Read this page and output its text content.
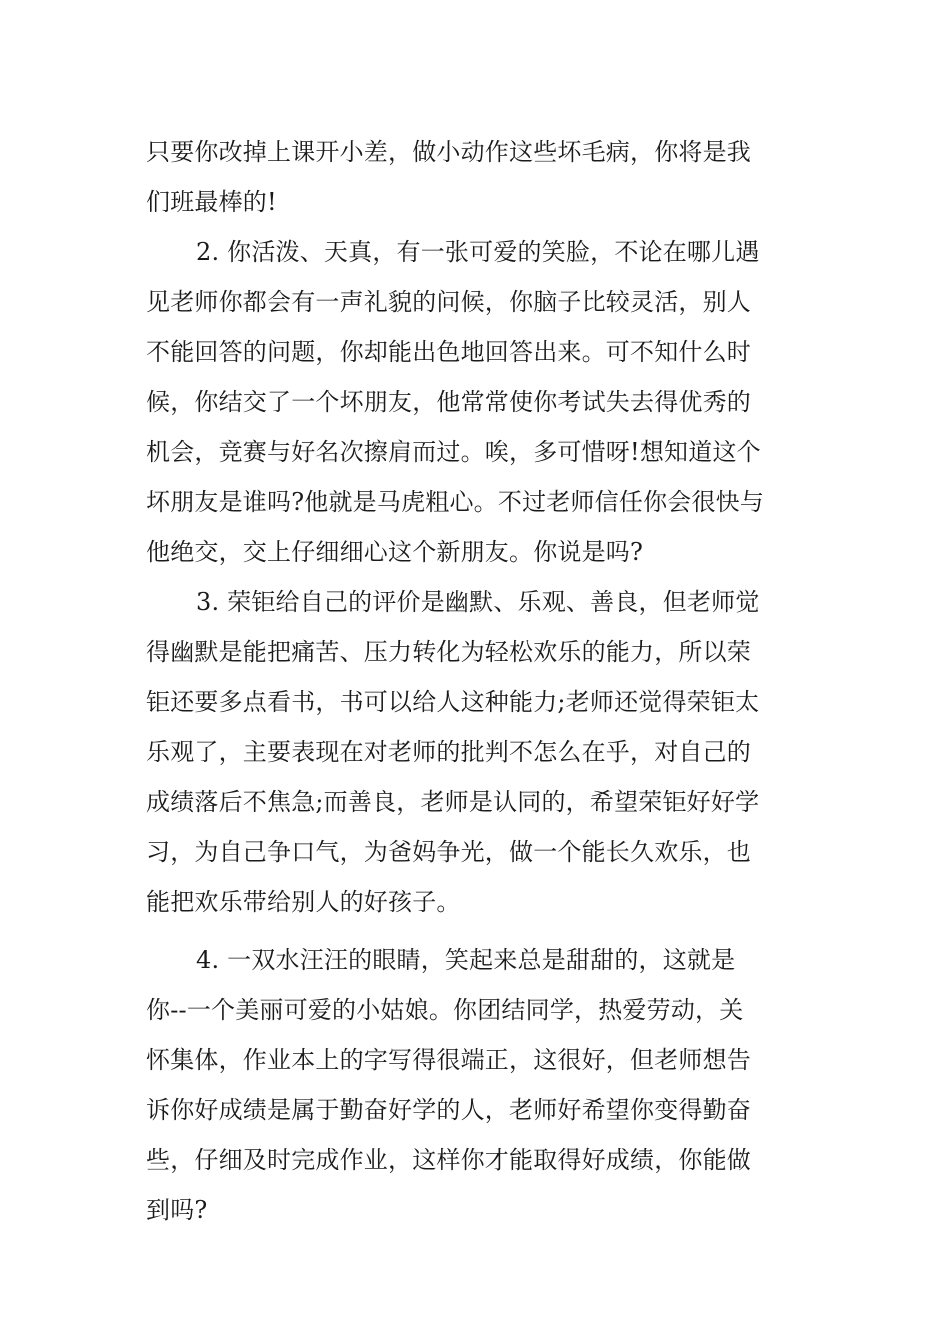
只要你改掉上课开小差，做小动作这些坏毛病，你将是我
们班最棒的!
2. 你活泼、天真，有一张可爱的笑脸，不论在哪儿遇
见老师你都会有一声礼貌的问候，你脑子比较灵活，别人
不能回答的问题，你却能出色地回答出来。可不知什么时
候，你结交了一个坏朋友，他常常使你考试失去得优秀的
机会，竞赛与好名次擦肩而过。唉，多可惜呀!想知道这个
坏朋友是谁吗?他就是马虎粗心。不过老师信任你会很快与
他绝交，交上仔细细心这个新朋友。你说是吗?
3. 荣钜给自己的评价是幽默、乐观、善良，但老师觉
得幽默是能把痛苦、压力转化为轻松欢乐的能力，所以荣
钜还要多点看书，书可以给人这种能力;老师还觉得荣钜太
乐观了，主要表现在对老师的批判不怎么在乎，对自己的
成绩落后不焦急;而善良，老师是认同的，希望荣钜好好学
习，为自己争口气，为爸妈争光，做一个能长久欢乐，也
能把欢乐带给别人的好孩子。
4. 一双水汪汪的眼睛，笑起来总是甜甜的，这就是
你--一个美丽可爱的小姑娘。你团结同学，热爱劳动，关
怀集体，作业本上的字写得很端正，这很好，但老师想告
诉你好成绩是属于勤奋好学的人，老师好希望你变得勤奋
些，仔细及时完成作业，这样你才能取得好成绩，你能做
到吗?
